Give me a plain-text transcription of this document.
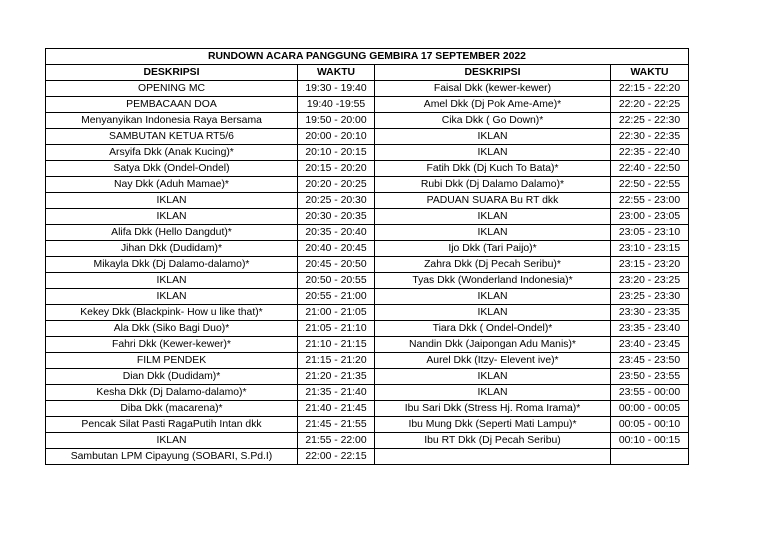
RUNDOWN ACARA PANGGUNG GEMBIRA 17 SEPTEMBER 2022			
DESKRIPSI	WAKTU	DESKRIPSI	WAKTU
OPENING MC	19:30 - 19:40	Faisal Dkk (kewer-kewer)	22:15 - 22:20
PEMBACAAN DOA	19:40 -19:55	Amel Dkk (Dj Pok Ame-Ame)*	22:20 - 22:25
Menyanyikan Indonesia Raya Bersama	19:50 - 20:00	Cika Dkk ( Go Down)*	22:25 - 22:30
SAMBUTAN KETUA RT5/6	20:00 - 20:10	IKLAN	22:30 - 22:35
Arsyifa Dkk (Anak Kucing)*	20:10 - 20:15	IKLAN	22:35 - 22:40
Satya Dkk (Ondel-Ondel)	20:15 - 20:20	Fatih Dkk (Dj Kuch To Bata)*	22:40 - 22:50
Nay Dkk (Aduh Mamae)*	20:20 - 20:25	Rubi Dkk (Dj Dalamo Dalamo)*	22:50 - 22:55
IKLAN	20:25 - 20:30	PADUAN SUARA Bu RT dkk	22:55 - 23:00
IKLAN	20:30 - 20:35	IKLAN	23:00 - 23:05
Alifa Dkk (Hello Dangdut)*	20:35 - 20:40	IKLAN	23:05 - 23:10
Jihan Dkk (Dudidam)*	20:40 - 20:45	Ijo Dkk (Tari Paijo)*	23:10 - 23:15
Mikayla Dkk (Dj Dalamo-dalamo)*	20:45 - 20:50	Zahra Dkk (Dj Pecah Seribu)*	23:15 - 23:20
IKLAN	20:50 - 20:55	Tyas Dkk (Wonderland Indonesia)*	23:20 - 23:25
IKLAN	20:55 - 21:00	IKLAN	23:25 - 23:30
Kekey Dkk (Blackpink- How u like that)*	21:00 - 21:05	IKLAN	23:30 - 23:35
Ala Dkk (Siko Bagi Duo)*	21:05 - 21:10	Tiara Dkk ( Ondel-Ondel)*	23:35 - 23:40
Fahri Dkk (Kewer-kewer)*	21:10 - 21:15	Nandin Dkk (Jaipongan Adu Manis)*	23:40 - 23:45
FILM PENDEK	21:15 - 21:20	Aurel Dkk (Itzy- Elevent ive)*	23:45 - 23:50
Dian Dkk (Dudidam)*	21:20 - 21:35	IKLAN	23:50 - 23:55
Kesha Dkk (Dj Dalamo-dalamo)*	21:35 - 21:40	IKLAN	23:55 - 00:00
Diba Dkk (macarena)*	21:40 - 21:45	Ibu Sari Dkk (Stress Hj. Roma Irama)*	00:00 - 00:05
Pencak Silat Pasti RagaPutih Intan dkk	21:45 - 21:55	Ibu Mung Dkk (Seperti Mati Lampu)*	00:05 - 00:10
IKLAN	21:55 - 22:00	Ibu RT Dkk (Dj Pecah Seribu)	00:10 - 00:15
Sambutan LPM Cipayung (SOBARI, S.Pd.I)	22:00 - 22:15		
